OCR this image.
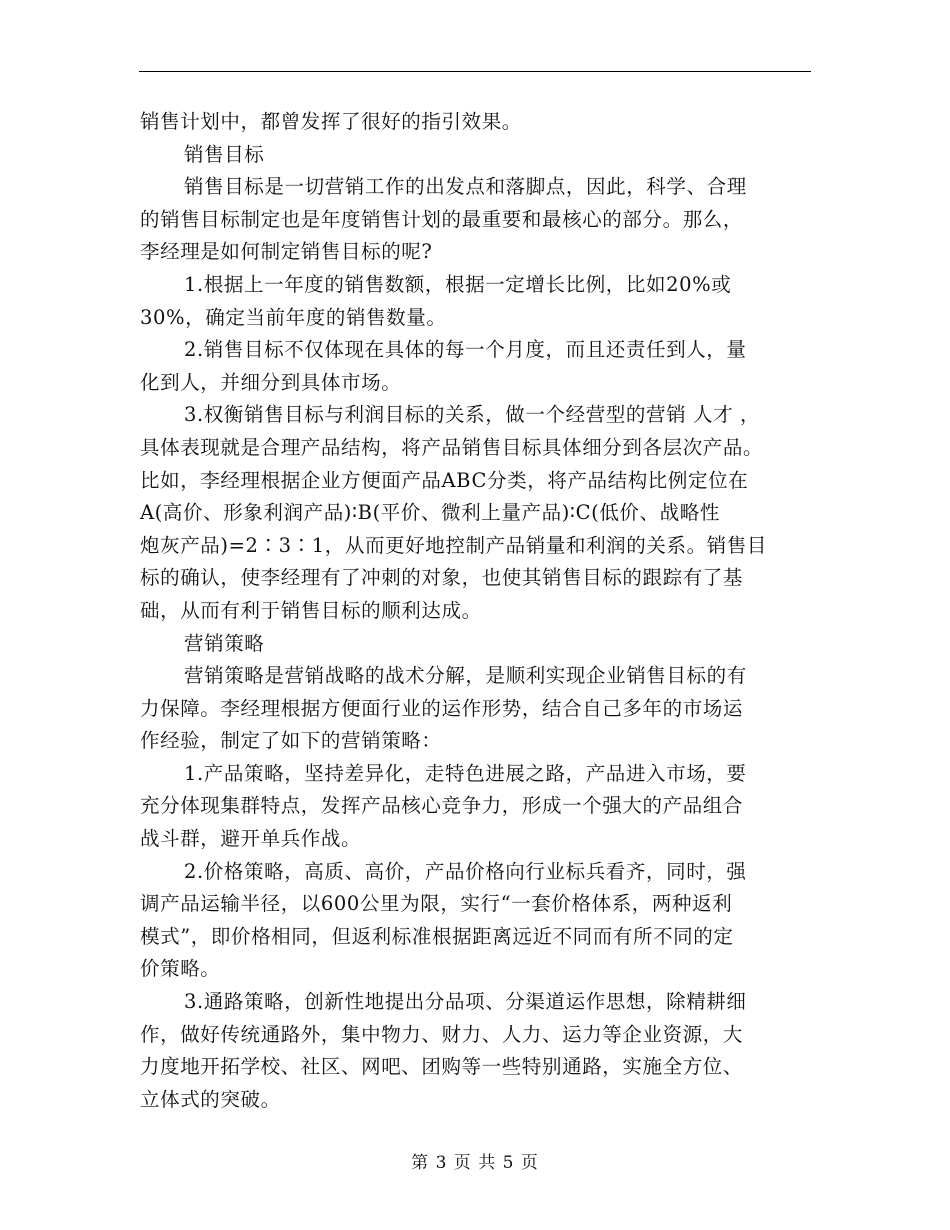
销售计划中，都曾发挥了很好的指引效果。
销售目标
销售目标是一切营销工作的出发点和落脚点，因此，科学、合理
的销售目标制定也是年度销售计划的最重要和最核心的部分。那么，
李经理是如何制定销售目标的呢?
1.根据上一年度的销售数额，根据一定增长比例，比如20%或
30%，确定当前年度的销售数量。
2.销售目标不仅体现在具体的每一个月度，而且还责任到人，量
化到人，并细分到具体市场。
3.权衡销售目标与利润目标的关系，做一个经营型的营销 人才 ，
具体表现就是合理产品结构，将产品销售目标具体细分到各层次产品。
比如，李经理根据企业方便面产品ABC分类，将产品结构比例定位在
A(高价、形象利润产品)∶B(平价、微利上量产品)∶C(低价、战略性
炮灰产品)=2∶3∶1，从而更好地控制产品销量和利润的关系。销售目
标的确认，使李经理有了冲刺的对象，也使其销售目标的跟踪有了基
础，从而有利于销售目标的顺利达成。
营销策略
营销策略是营销战略的战术分解，是顺利实现企业销售目标的有
力保障。李经理根据方便面行业的运作形势，结合自己多年的市场运
作经验，制定了如下的营销策略：
1.产品策略，坚持差异化，走特色进展之路，产品进入市场，要
充分体现集群特点，发挥产品核心竞争力，形成一个强大的产品组合
战斗群，避开单兵作战。
2.价格策略，高质、高价，产品价格向行业标兵看齐，同时，强
调产品运输半径，以600公里为限，实行“一套价格体系，两种返利
模式”，即价格相同，但返利标准根据距离远近不同而有所不同的定
价策略。
3.通路策略，创新性地提出分品项、分渠道运作思想，除精耕细
作，做好传统通路外，集中物力、财力、人力、运力等企业资源，大
力度地开拓学校、社区、网吧、团购等一些特别通路，实施全方位、
立体式的突破。
第 3 页 共 5 页
